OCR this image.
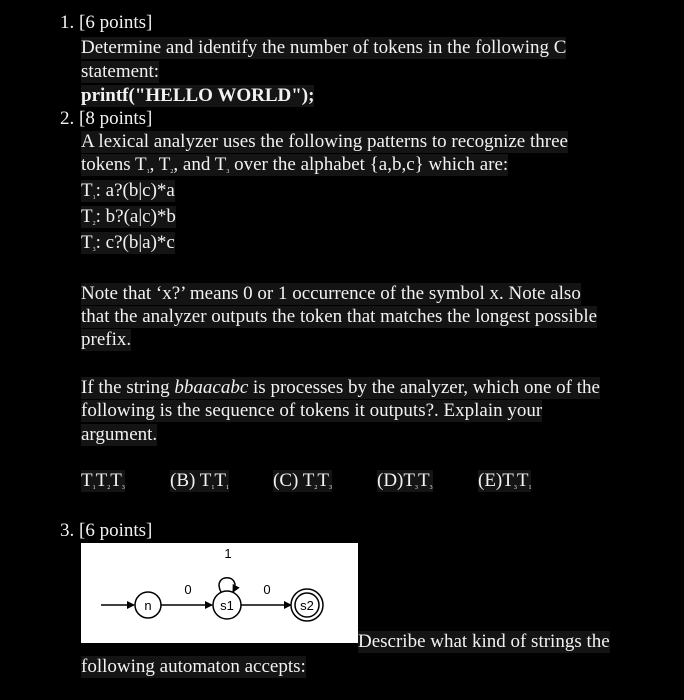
1. [6 points]
Determine and identify the number of tokens in the following C
statement:
printf("HELLO WORLD");
2. [8 points]
A lexical analyzer uses the following patterns to recognize three
tokens $T_1$, $T_2$, and $T_3$ over the alphabet {a,b,c} which are:
$T_1$: a?(b|c)*a
$T_2$: b?(a|c)*b
$T_3$: c?(b|a)*c
Note that ‘x?’ means 0 or 1 occurrence of the symbol x. Note also
that the analyzer outputs the token that matches the longest possible
prefix.
If the string bbaacabc is processes by the analyzer, which one of the
following is the sequence of tokens it outputs?. Explain your
argument.
$T_1T_2T_3$ (B) $T_1T_1$ (C) $T_2T_3$ $(D)T_3T_3$ $(E)T_3T_1$
3. [6 points]
n
0
s1
1
0
s2
Describe what kind of strings the
following automaton accepts:
